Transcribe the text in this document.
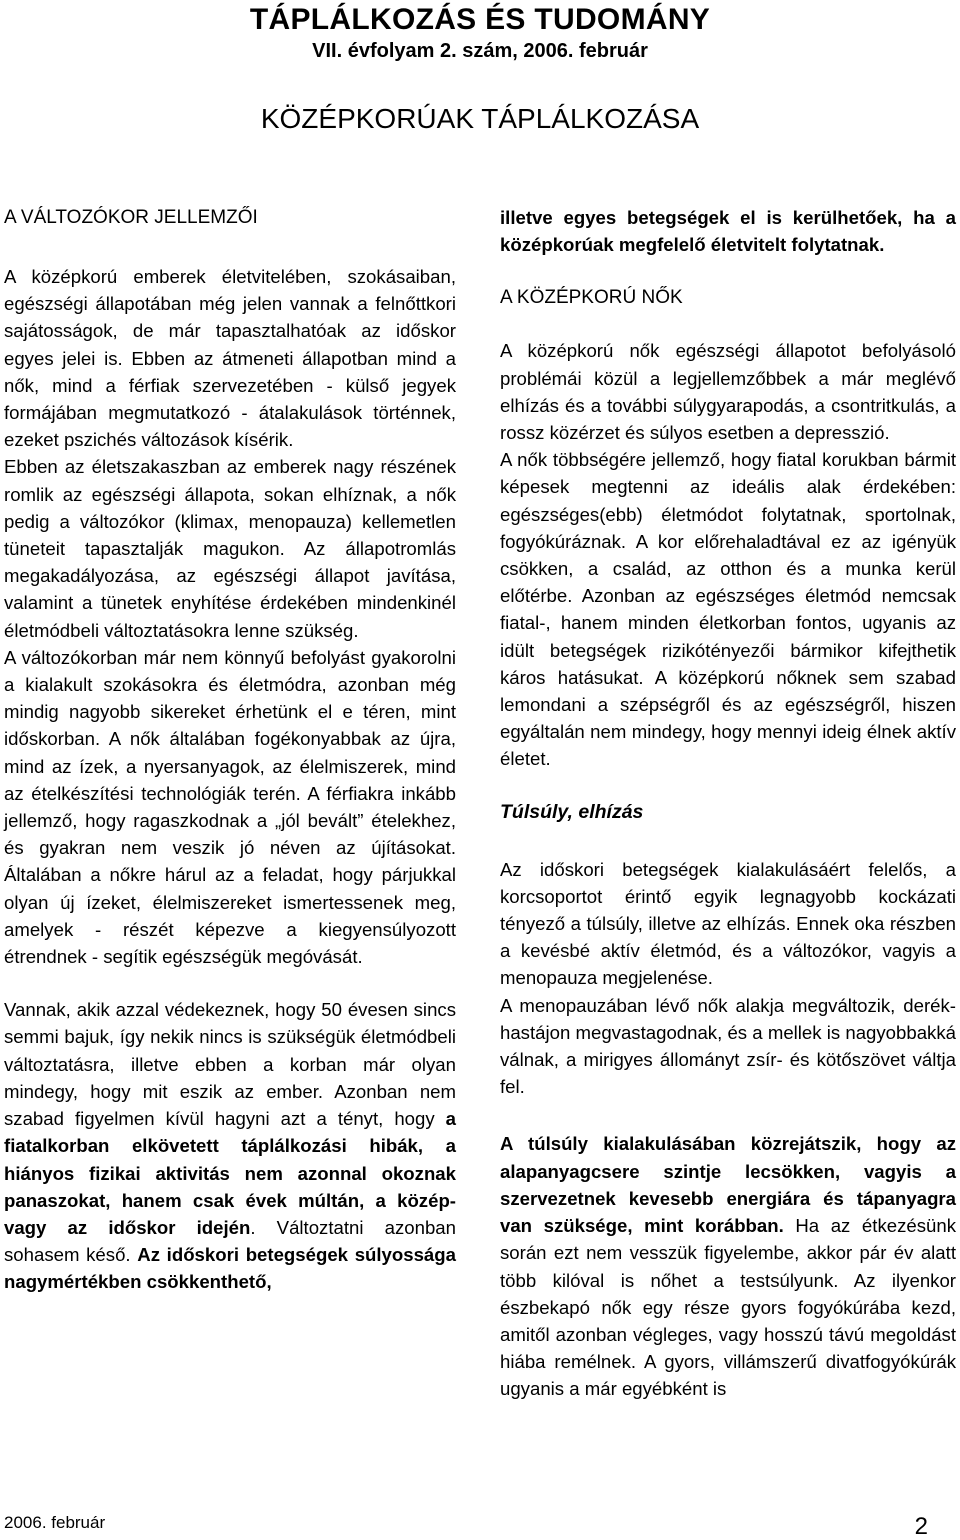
TÁPLÁLKOZÁS ÉS TUDOMÁNY
VII. évfolyam 2. szám, 2006. február
KÖZÉPKORÚAK TÁPLÁLKOZÁSA
A VÁLTOZÓKOR JELLEMZŐI

A középkorú emberek életvitelében, szokásaiban, egészségi állapotában még jelen vannak a felnőttkori sajátosságok, de már tapasztalhatóak az időskor egyes jelei is. Ebben az átmeneti állapotban mind a nők, mind a férfiak szervezetében - külső jegyek formájában megmutatkozó - átalakulások történnek, ezeket pszichés változások kísérik.

Ebben az életszakaszban az emberek nagy részének romlik az egészségi állapota, sokan elhíznak, a nők pedig a változókor (klimax, menopauza) kellemetlen tüneteit tapasztalják magukon. Az állapotromlás megakadályozása, az egészségi állapot javítása, valamint a tünetek enyhítése érdekében mindenkinél életmódbeli változtatásokra lenne szükség.

A változókorban már nem könnyű befolyást gyakorolni a kialakult szokásokra és életmódra, azonban még mindig nagyobb sikereket érhetünk el e téren, mint időskorban. A nők általában fogékonyabbak az újra, mind az ízek, a nyersanyagok, az élelmiszerek, mind az ételkészítési technológiák terén. A férfiakra inkább jellemző, hogy ragaszkodnak a „jól bevált” ételekhez, és gyakran nem veszik jó néven az újításokat. Általában a nőkre hárul az a feladat, hogy párjukkal olyan új ízeket, élelmiszereket ismertessenek meg, amelyek - részét képezve a kiegyensúlyozott étrendnek - segítik egészségük megóvását.

Vannak, akik azzal védekeznek, hogy 50 évesen sincs semmi bajuk, így nekik nincs is szükségük életmódbeli változtatásra, illetve ebben a korban már olyan mindegy, hogy mit eszik az ember. Azonban nem szabad figyelmen kívül hagyni azt a tényt, hogy a fiatalkorban elkövetett táplálkozási hibák, a hiányos fizikai aktivitás nem azonnal okoznak panaszokat, hanem csak évek múltán, a közép- vagy az időskor idején. Változtatni azonban sohasem késő. Az időskori betegségek súlyossága nagymértékben csökkenthető,

illetve egyes betegségek el is kerülhetőek, ha a középkorúak megfelelő életvitelt folytatnak.

A KÖZÉPKORÚ NŐK

A középkorú nők egészségi állapotot befolyásoló problémái közül a legjellemzőbbek a már meglévő elhízás és a további súlygyarapodás, a csontritkulás, a rossz közérzet és súlyos esetben a depresszió.

A nők többségére jellemző, hogy fiatal korukban bármit képesek megtenni az ideális alak érdekében: egészséges(ebb) életmódot folytatnak, sportolnak, fogyókúráznak. A kor előrehaladtával ez az igényük csökken, a család, az otthon és a munka kerül előtérbe. Azonban az egészséges életmód nemcsak fiatal-, hanem minden életkorban fontos, ugyanis az idült betegségek rizikótényezői bármikor kifejthetik káros hatásukat. A középkorú nőknek sem szabad lemondani a szépségről és az egészségről, hiszen egyáltalán nem mindegy, hogy mennyi ideig élnek aktív életet.

Túlsúly, elhízás

Az időskori betegségek kialakulásáért felelős, a korcsoportot érintő egyik legnagyobb kockázati tényező a túlsúly, illetve az elhízás. Ennek oka részben a kevésbé aktív életmód, és a változókor, vagyis a menopauza megjelenése.

A menopauzában lévő nők alakja megváltozik, derék-hastájon megvastagodnak, és a mellek is nagyobbakká válnak, a mirigyes állományt zsír- és kötőszövet váltja fel.

A túlsúly kialakulásában közrejátszik, hogy az alapanyagcsere szintje lecsökken, vagyis a szervezetnek kevesebb energiára és tápanyagra van szüksége, mint korábban. Ha az étkezésünk során ezt nem vesszük figyelembe, akkor pár év alatt több kilóval is nőhet a testsúlyunk. Az ilyenkor észbekapó nők egy része gyors fogyókúrába kezd, amitől azonban végleges, vagy hosszú távú megoldást hiába remélnek. A gyors, villámszerű divatfogyókúrák ugyanis a már egyébként is

2006. február	2
